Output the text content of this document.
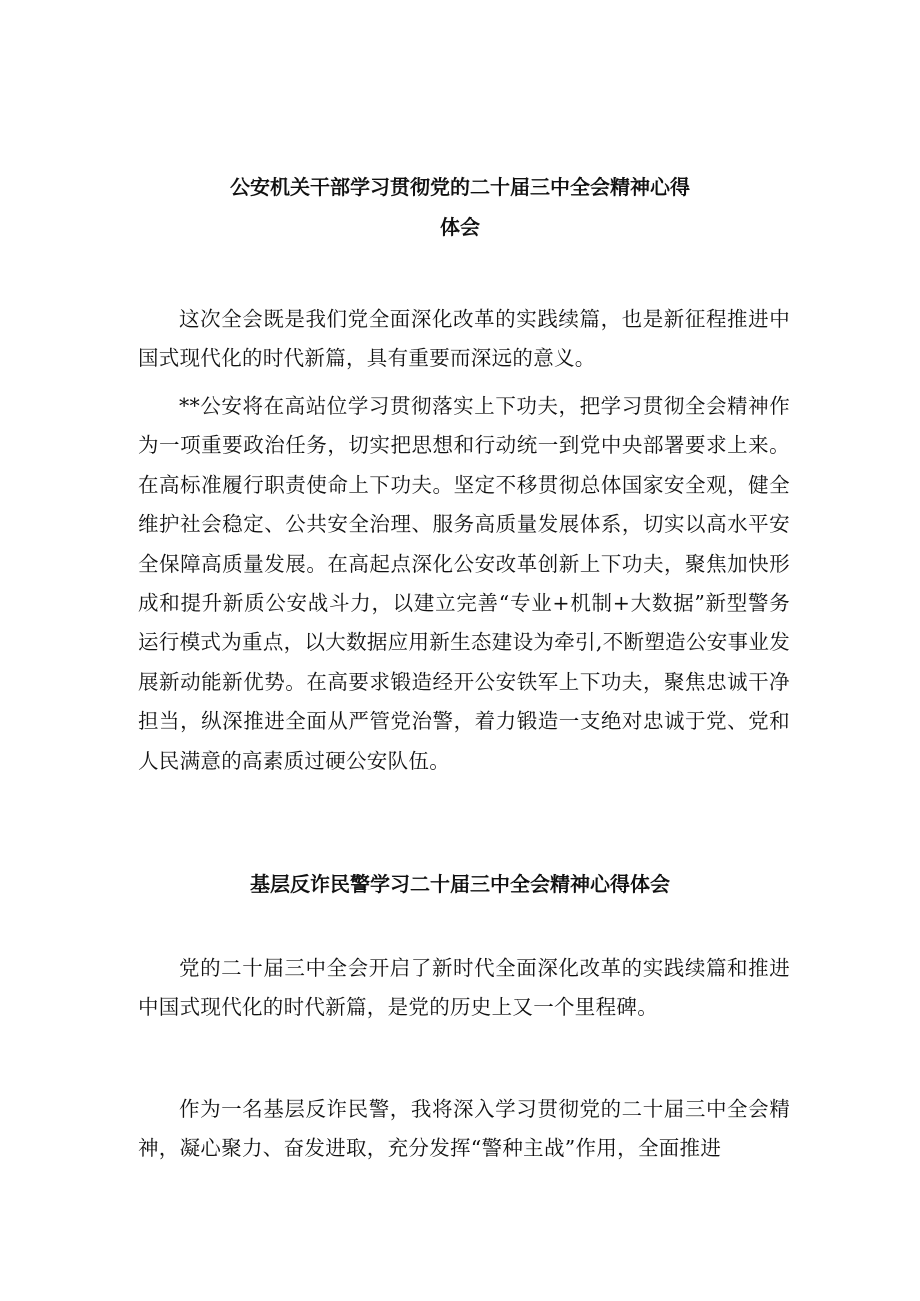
公安机关干部学习贯彻党的二十届三中全会精神心得
体会

这次全会既是我们党全面深化改革的实践续篇，也是新征程推进中国式现代化的时代新篇，具有重要而深远的意义。

**公安将在高站位学习贯彻落实上下功夫，把学习贯彻全会精神作为一项重要政治任务，切实把思想和行动统一到党中央部署要求上来。在高标准履行职责使命上下功夫。坚定不移贯彻总体国家安全观，健全维护社会稳定、公共安全治理、服务高质量发展体系，切实以高水平安全保障高质量发展。在高起点深化公安改革创新上下功夫，聚焦加快形成和提升新质公安战斗力，以建立完善“专业+机制+大数据”新型警务运行模式为重点，以大数据应用新生态建设为牵引,不断塑造公安事业发展新动能新优势。在高要求锻造经开公安铁军上下功夫，聚焦忠诚干净担当，纵深推进全面从严管党治警，着力锻造一支绝对忠诚于党、党和人民满意的高素质过硬公安队伍。

基层反诈民警学习二十届三中全会精神心得体会

党的二十届三中全会开启了新时代全面深化改革的实践续篇和推进中国式现代化的时代新篇，是党的历史上又一个里程碑。

作为一名基层反诈民警，我将深入学习贯彻党的二十届三中全会精神，凝心聚力、奋发进取，充分发挥“警种主战”作用，全面推进
